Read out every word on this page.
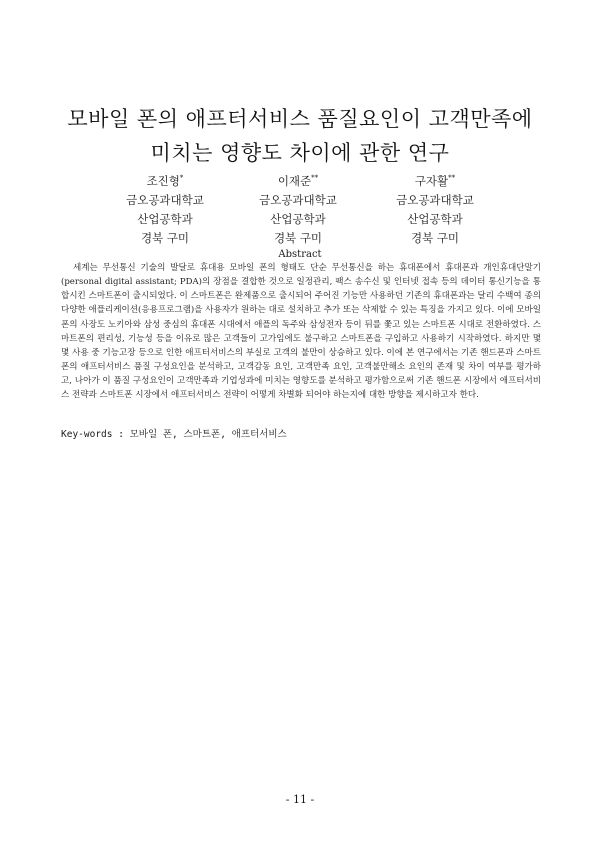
모바일 폰의 애프터서비스 품질요인이 고객만족에
미치는 영향도 차이에 관한 연구
조진형*
금오공과대학교
산업공학과
경북 구미
이재준**
금오공과대학교
산업공학과
경북 구미
구자활**
금오공과대학교
산업공학과
경북 구미
Abstract
세계는 무선통신 기술의 발달로 휴대용 모바일 폰의 형태도 단순 무선통신을 하는 휴대폰에서 휴대폰과 개인휴대단말기(personal digital assistant; PDA)의 장점을 결합한 것으로 일정관리, 팩스 송수신 및 인터넷 접속 등의 데이터 통신기능을 통합시킨 스마트폰이 출시되었다. 이 스마트폰은 완제품으로 출시되어 주어진 기능만 사용하던 기존의 휴대폰과는 달리 수백여 종의 다양한 애플리케이션(응용프로그램)을 사용자가 원하는 대로 설치하고 추가 또는 삭제할 수 있는 특징을 가지고 있다. 이에 모바일 폰의 사장도 노키아와 삼성 중심의 휴대폰 시대에서 애플의 독주와 삼성전자 등이 뒤를 쫓고 있는 스마트폰 시대로 전환하였다. 스마트폰의 편리성, 기능성 등을 이유로 많은 고객들이 고가임에도 불구하고 스마트폰을 구입하고 사용하기 시작하였다. 하지만 몇몇 사용 중 기능고장 등으로 인한 애프터서비스의 부실로 고객의 불만이 상승하고 있다. 이에 본 연구에서는 기존 핸드폰과 스마트폰의 애프터서비스 품질 구성요인을 분석하고, 고객감동 요인, 고객만족 요인, 고객불만해소 요인의 존재 및 차이 여부를 평가하고, 나아가 이 품질 구성요인이 고객만족과 기업성과에 미치는 영향도를 분석하고 평가함으로써 기존 핸드폰 시장에서 애프터서비스 전략과 스마트폰 시장에서 애프터서비스 전략이 어떻게 차별화 되어야 하는지에 대한 방향을 제시하고자 한다.
Key-words : 모바일 폰, 스마트폰, 애프터서비스
- 11 -
